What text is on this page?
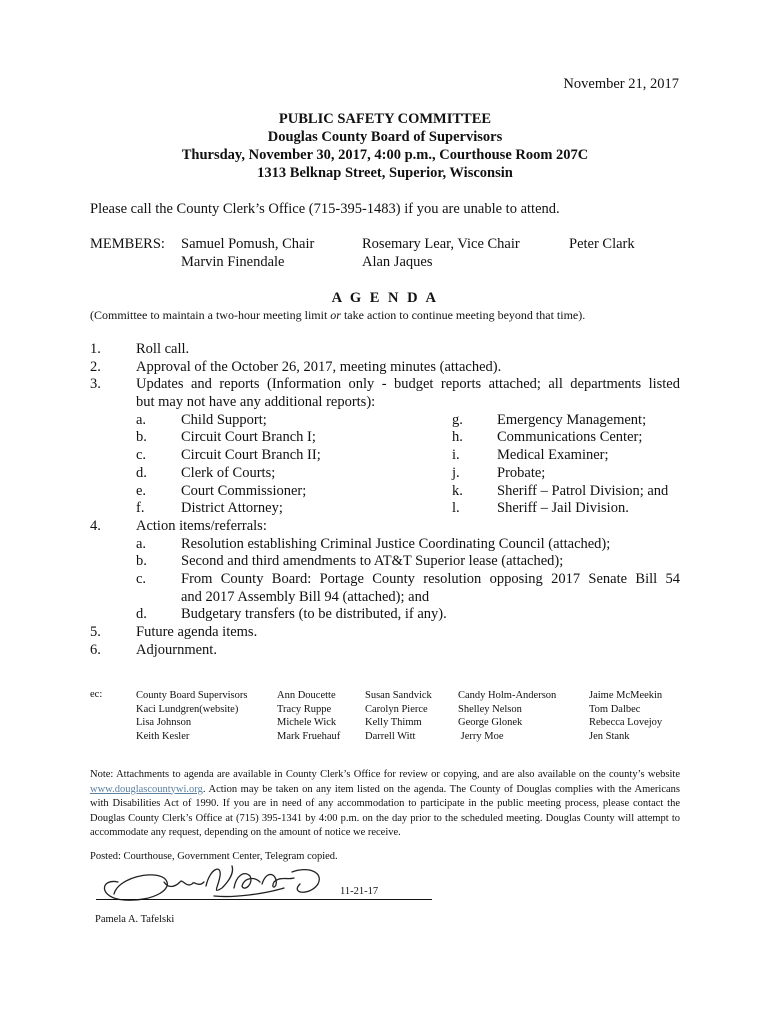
November 21, 2017
PUBLIC SAFETY COMMITTEE
Douglas County Board of Supervisors
Thursday, November 30, 2017, 4:00 p.m., Courthouse Room 207C
1313 Belknap Street, Superior, Wisconsin
Please call the County Clerk’s Office (715-395-1483) if you are unable to attend.
MEMBERS: Samuel Pomush, Chair	Rosemary Lear, Vice Chair	Peter Clark
Marvin Finendale	Alan Jaques
A G E N D A
(Committee to maintain a two-hour meeting limit or take action to continue meeting beyond that time).
1. Roll call.
2. Approval of the October 26, 2017, meeting minutes (attached).
3. Updates and reports (Information only - budget reports attached; all departments listed
but may not have any additional reports):
a. Child Support;	g. Emergency Management;
b. Circuit Court Branch I;	h. Communications Center;
c. Circuit Court Branch II;	i.	Medical Examiner;
d. Clerk of Courts;	j.	Probate;
e. Court Commissioner;	k. Sheriff – Patrol Division; and
f.	District Attorney;	l.	Sheriff – Jail Division.
4. Action items/referrals:
a. Resolution establishing Criminal Justice Coordinating Council (attached);
b. Second and third amendments to AT&T Superior lease (attached);
c. From County Board: Portage County resolution opposing 2017 Senate Bill 54
and 2017 Assembly Bill 94 (attached); and
d. Budgetary transfers (to be distributed, if any).
5. Future agenda items.
6. Adjournment.
ec:	County Board Supervisors	Ann Doucette	Susan Sandvick	Candy Holm-Anderson	Jaime McMeekin
Kaci Lundgren(website)	Tracy Ruppe	Carolyn Pierce	Shelley Nelson	Tom Dalbec
Lisa Johnson	Michele Wick	Kelly Thimm	George Glonek	Rebecca Lovejoy
Keith Kesler	Mark Fruehauf	Darrell Witt	Jerry Moe	Jen Stank
Note: Attachments to agenda are available in County Clerk’s Office for review or copying, and are also available on the county’s website www.douglascountywi.org. Action may be taken on any item listed on the agenda. The County of Douglas complies with the Americans with Disabilities Act of 1990. If you are in need of any accommodation to participate in the public meeting process, please contact the Douglas County Clerk’s Office at (715) 395-1341 by 4:00 p.m. on the day prior to the scheduled meeting. Douglas County will attempt to accommodate any request, depending on the amount of notice we receive.
Posted: Courthouse, Government Center, Telegram copied.
11-21-17
Pamela A. Tafelski
